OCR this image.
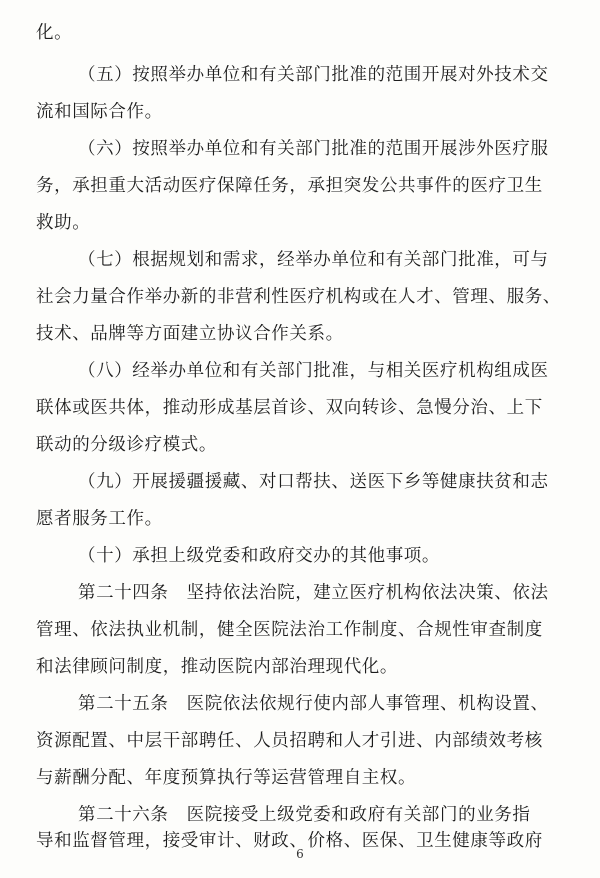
化。
（五）按照举办单位和有关部门批准的范围开展对外技术交
流和国际合作。
（六）按照举办单位和有关部门批准的范围开展涉外医疗服
务，承担重大活动医疗保障任务，承担突发公共事件的医疗卫生
救助。
（七）根据规划和需求，经举办单位和有关部门批准，可与
社会力量合作举办新的非营利性医疗机构或在人才、管理、服务、
技术、品牌等方面建立协议合作关系。
（八）经举办单位和有关部门批准，与相关医疗机构组成医
联体或医共体，推动形成基层首诊、双向转诊、急慢分治、上下
联动的分级诊疗模式。
（九）开展援疆援藏、对口帮扶、送医下乡等健康扶贫和志
愿者服务工作。
（十）承担上级党委和政府交办的其他事项。
第二十四条　坚持依法治院，建立医疗机构依法决策、依法
管理、依法执业机制，健全医院法治工作制度、合规性审查制度
和法律顾问制度，推动医院内部治理现代化。
第二十五条　医院依法依规行使内部人事管理、机构设置、
资源配置、中层干部聘任、人员招聘和人才引进、内部绩效考核
与薪酬分配、年度预算执行等运营管理自主权。
第二十六条　医院接受上级党委和政府有关部门的业务指
导和监督管理，接受审计、财政、价格、医保、卫生健康等政府
6
